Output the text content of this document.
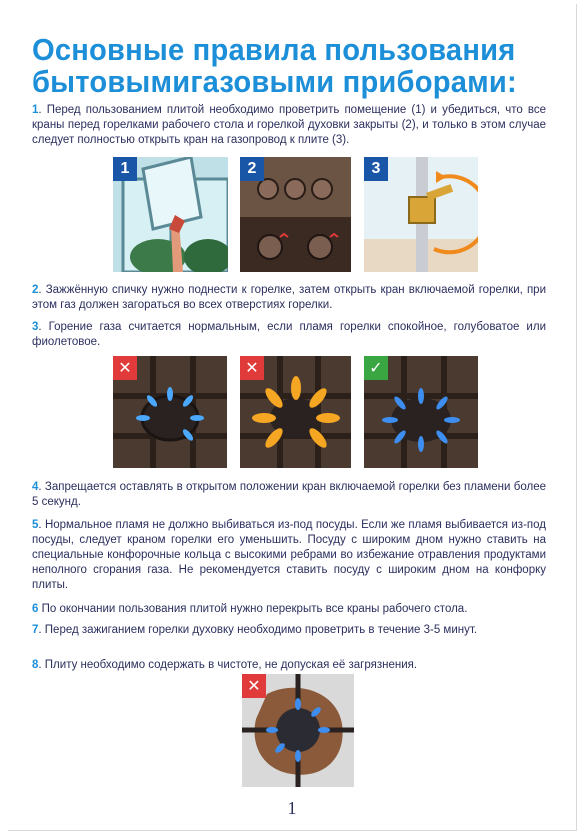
Основные правила пользования
бытовымигазовыми приборами:
1. Перед пользованием плитой необходимо проветрить помещение (1) и убедиться, что все краны перед горелками рабочего стола и горелкой духовки закрыты (2), и только в этом случае следует полностью открыть кран на газопровод к плите (3).
1	2	3
2. Зажжённую спичку нужно поднести к горелке, затем открыть кран включаемой горелки, при этом газ должен загораться во всех отверстиях горелки.
3. Горение газа считается нормальным, если пламя горелки спокойное, голубоватое или фиолетовое.
✕	✕	✓
4. Запрещается оставлять в открытом положении кран включаемой горелки без пламени более 5 секунд.
5. Нормальное пламя не должно выбиваться из-под посуды. Если же пламя выбивается из-под посуды, следует краном горелки его уменьшить. Посуду с широким дном нужно ставить на специальные конфорочные кольца с высокими ребрами во избежание отравления продуктами неполного сгорания газа. Не рекомендуется ставить посуду с широким дном на конфорку плиты.
6 По окончании пользования плитой нужно перекрыть все краны рабочего стола.
7. Перед зажиганием горелки духовку необходимо проветрить в течение 3-5 минут.
8. Плиту необходимо содержать в чистоте, не допуская её загрязнения.
✕
1
